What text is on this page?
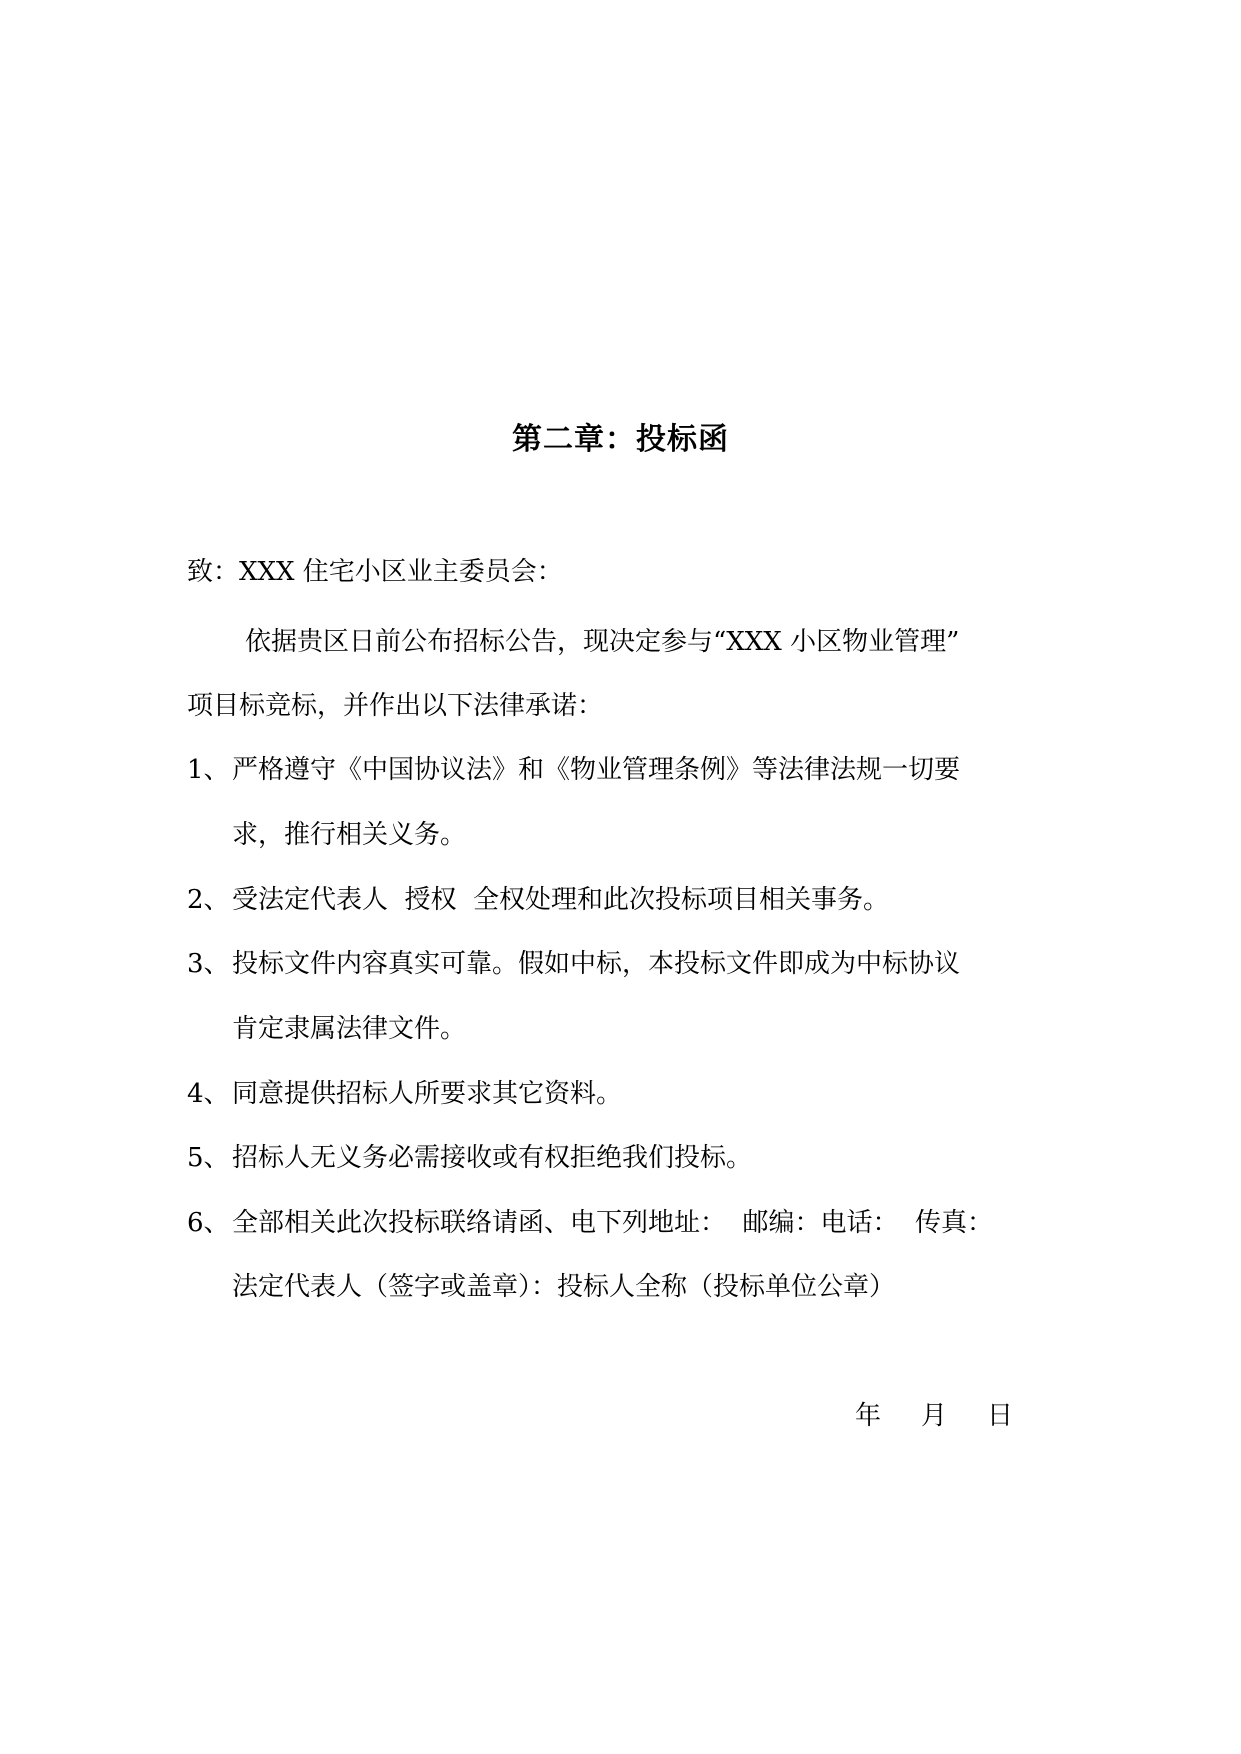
第二章：投标函
致：XXX 住宅小区业主委员会：
依据贵区日前公布招标公告，现决定参与“XXX 小区物业管理”
项目标竞标，并作出以下法律承诺：
1、严格遵守《中国协议法》和《物业管理条例》等法律法规一切要
求，推行相关义务。
2、受法定代表人  授权  全权处理和此次投标项目相关事务。
3、投标文件内容真实可靠。假如中标，本投标文件即成为中标协议
肯定隶属法律文件。
4、同意提供招标人所要求其它资料。
5、招标人无义务必需接收或有权拒绝我们投标。
6、全部相关此次投标联络请函、电下列地址：  邮编：电话：  传真：
法定代表人（签字或盖章）：投标人全称（投标单位公章）
年 月 日
